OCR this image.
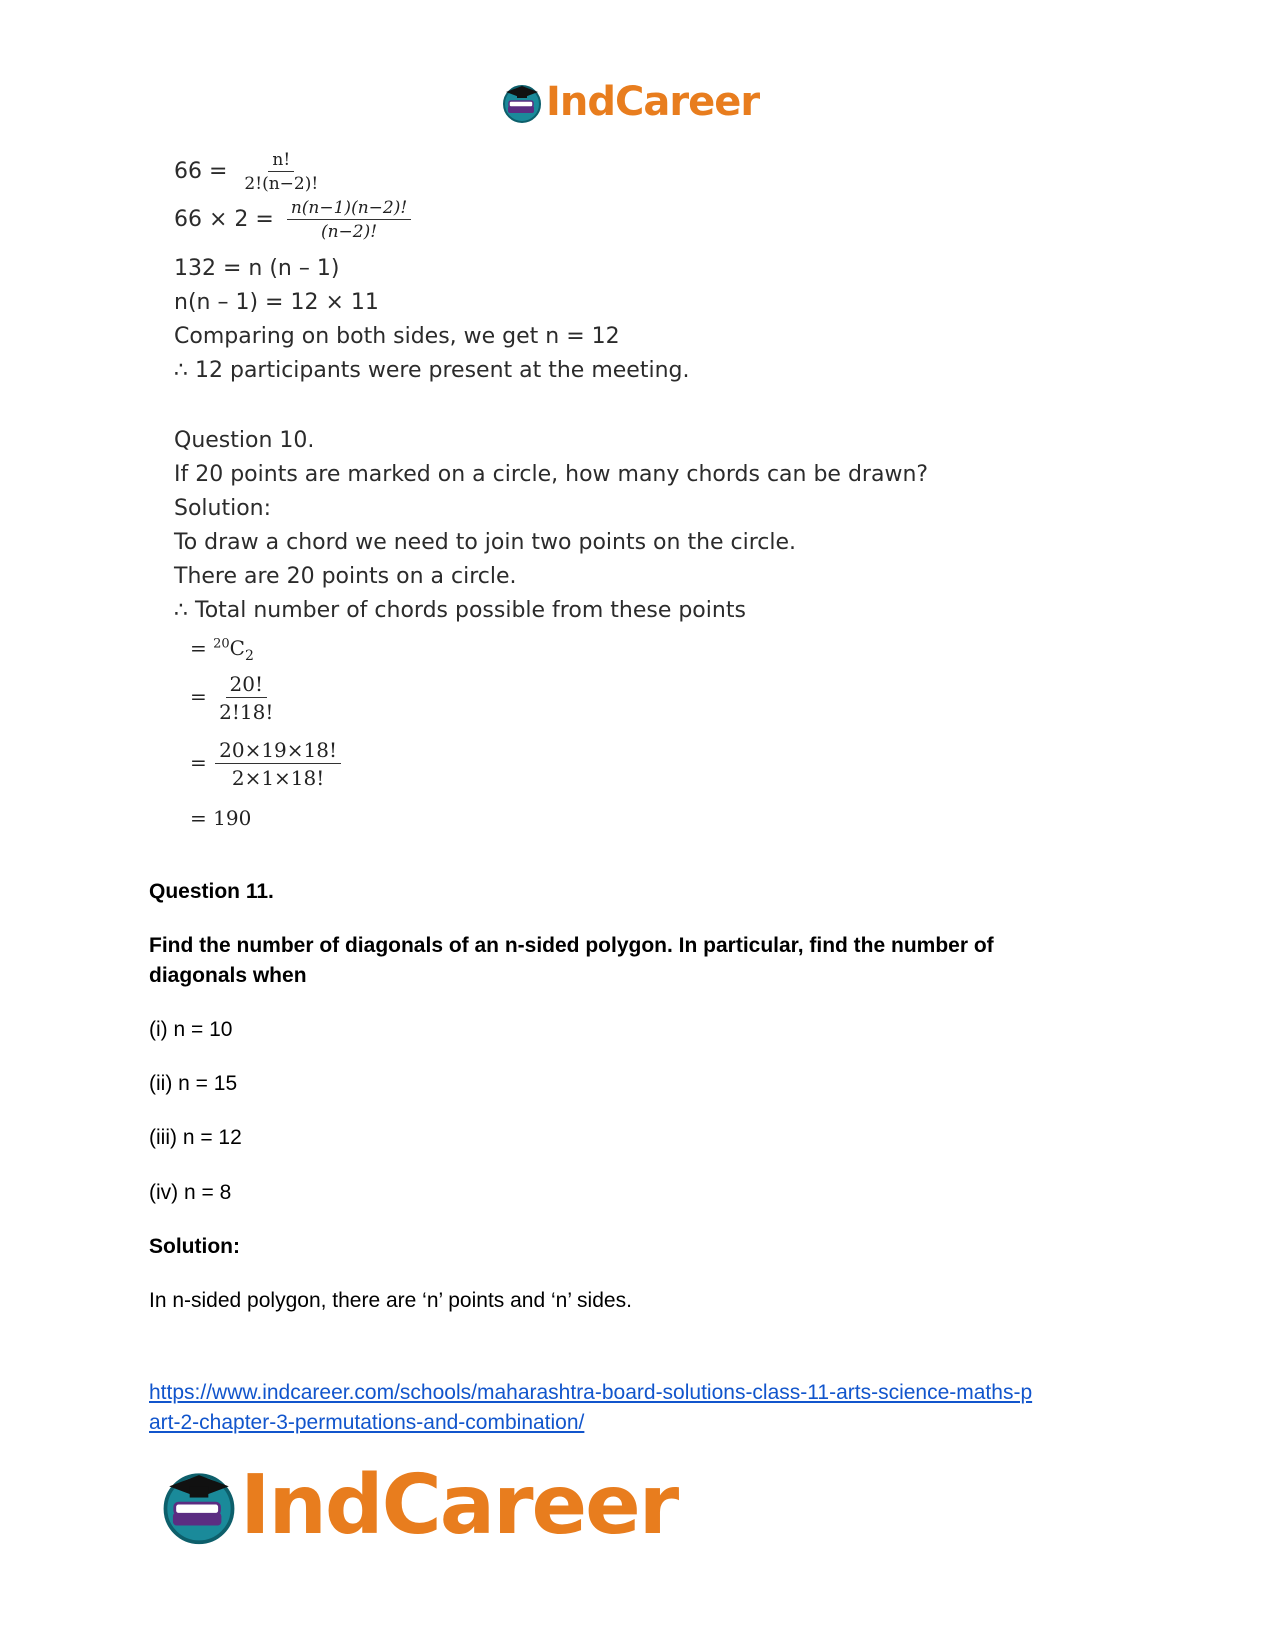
IndCareer
$66 = \frac{n!}{2!(n-2)!}$
$66 \times 2 = \frac{n(n-1)(n-2)!}{(n-2)!}$
132 = n (n – 1)
n(n – 1) = 12 × 11
Comparing on both sides, we get n = 12
∴ 12 participants were present at the meeting.
Question 10.
If 20 points are marked on a circle, how many chords can be drawn?
Solution:
To draw a chord we need to join two points on the circle.
There are 20 points on a circle.
∴ Total number of chords possible from these points
= $^{20}C_2$
= $\frac{20!}{2!18!}$
= $\frac{20\times 19\times 18!}{2\times 1\times 18!}$
= 190
Question 11.
Find the number of diagonals of an n-sided polygon. In particular, find the number of
diagonals when
(i) n = 10
(ii) n = 15
(iii) n = 12
(iv) n = 8
Solution:
In n-sided polygon, there are ‘n’ points and ‘n’ sides.
https://www.indcareer.com/schools/maharashtra-board-solutions-class-11-arts-science-maths-p
art-2-chapter-3-permutations-and-combination/
IndCareer
